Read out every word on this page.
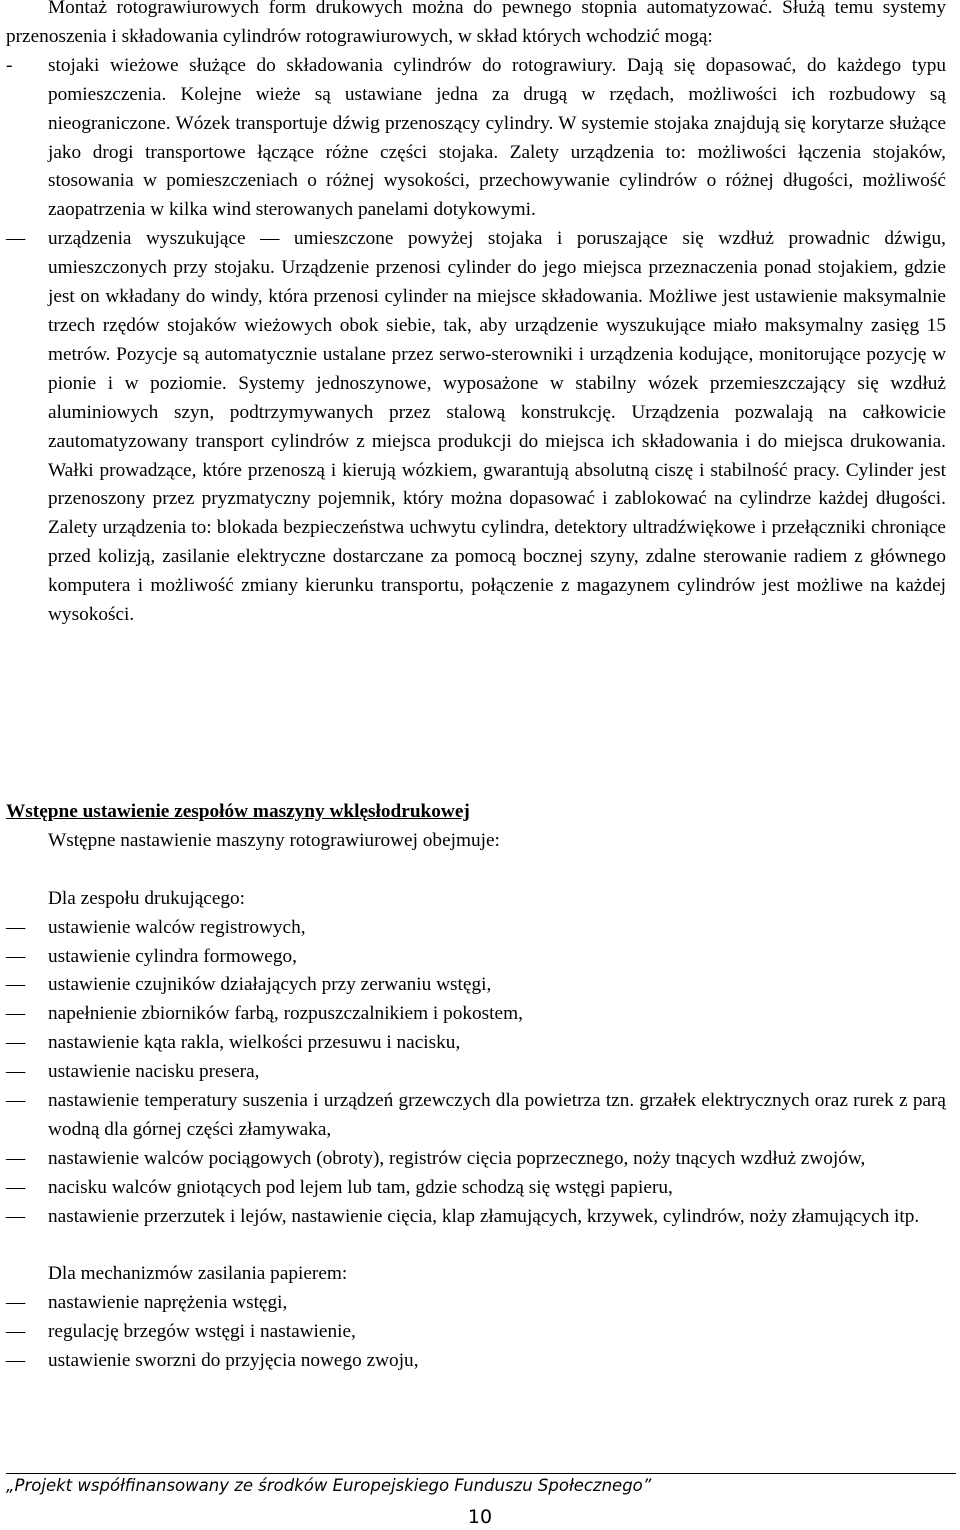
Montaż rotograwiurowych form drukowych można do pewnego stopnia automatyzować. Służą temu systemy przenoszenia i składowania cylindrów rotograwiurowych, w skład których wchodzić mogą:

-	stojaki wieżowe służące do składowania cylindrów do rotograwiury. Dają się dopasować, do każdego typu pomieszczenia. Kolejne wieże są ustawiane jedna za drugą w rzędach, możliwości ich rozbudowy są nieograniczone. Wózek transportuje dźwig przenoszący cylindry. W systemie stojaka znajdują się korytarze służące jako drogi transportowe łączące różne części stojaka. Zalety urządzenia to: możliwości łączenia stojaków, stosowania w pomieszczeniach o różnej wysokości, przechowywanie cylindrów o różnej długości, możliwość zaopatrzenia w kilka wind sterowanych panelami dotykowymi.
—	urządzenia wyszukujące — umieszczone powyżej stojaka i poruszające się wzdłuż prowadnic dźwigu, umieszczonych przy stojaku. Urządzenie przenosi cylinder do jego miejsca przeznaczenia ponad stojakiem, gdzie jest on wkładany do windy, która przenosi cylinder na miejsce składowania. Możliwe jest ustawienie maksymalnie trzech rzędów stojaków wieżowych obok siebie, tak, aby urządzenie wyszukujące miało maksymalny zasięg 15 metrów. Pozycje są automatycznie ustalane przez serwo-sterowniki i urządzenia kodujące, monitorujące pozycję w pionie i w poziomie. Systemy jednoszynowe, wyposażone w stabilny wózek przemieszczający się wzdłuż aluminiowych szyn, podtrzymywanych przez stalową konstrukcję. Urządzenia pozwalają na całkowicie zautomatyzowany transport cylindrów z miejsca produkcji do miejsca ich składowania i do miejsca drukowania. Wałki prowadzące, które przenoszą i kierują wózkiem, gwarantują absolutną ciszę i stabilność pracy. Cylinder jest przenoszony przez pryzmatyczny pojemnik, który można dopasować i zablokować na cylindrze każdej długości. Zalety urządzenia to: blokada bezpieczeństwa uchwytu cylindra, detektory ultradźwiękowe i przełączniki chroniące przed kolizją, zasilanie elektryczne dostarczane za pomocą bocznej szyny, zdalne sterowanie radiem z głównego komputera i możliwość zmiany kierunku transportu, połączenie z magazynem cylindrów jest możliwe na każdej wysokości.

Wstępne ustawienie zespołów maszyny wklęsłodrukowej

Wstępne nastawienie maszyny rotograwiurowej obejmuje:

Dla zespołu drukującego:

—	ustawienie walców registrowych,
—	ustawienie cylindra formowego,
—	ustawienie czujników działających przy zerwaniu wstęgi,
—	napełnienie zbiorników farbą, rozpuszczalnikiem i pokostem,
—	nastawienie kąta rakla, wielkości przesuwu i nacisku,
—	ustawienie nacisku presera,
—	nastawienie temperatury suszenia i urządzeń grzewczych dla powietrza tzn. grzałek elektrycznych oraz rurek z parą wodną dla górnej części złamywaka,
—	nastawienie walców pociągowych (obroty), registrów cięcia poprzecznego, noży tnących wzdłuż zwojów,
—	nacisku walców gniotących pod lejem lub tam, gdzie schodzą się wstęgi papieru,
—	nastawienie przerzutek i lejów, nastawienie cięcia, klap złamujących, krzywek, cylindrów, noży złamujących itp.

Dla mechanizmów zasilania papierem:

—	nastawienie naprężenia wstęgi,
—	regulację brzegów wstęgi i nastawienie,
—	ustawienie sworzni do przyjęcia nowego zwoju,
„Projekt współfinansowany ze środków Europejskiego Funduszu Społecznego”
10
